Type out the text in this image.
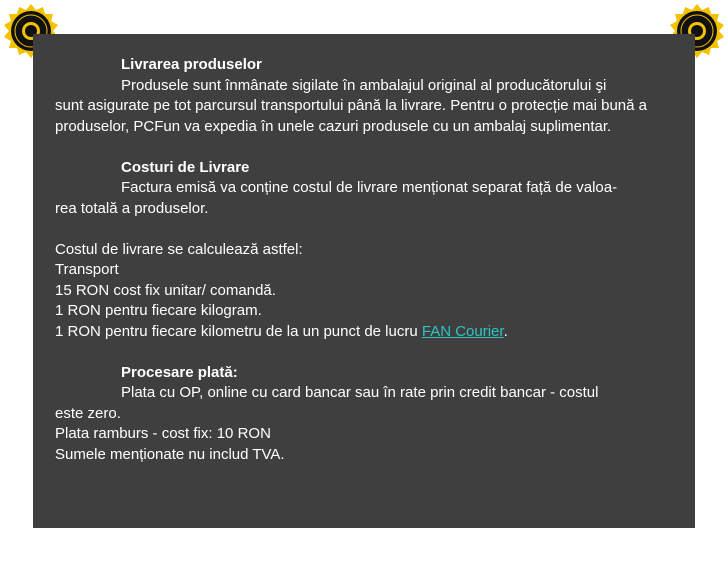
Livrarea produselor

Produsele sunt înmânate sigilate în ambalajul original al producătorului şi

sunt asigurate pe tot parcursul transportului până la livrare. Pentru o protecție mai bună a produselor, PCFun va expedia în unele cazuri produsele cu un ambalaj suplimentar.

Costuri de Livrare

Factura emisă va conține costul de livrare menționat separat față de valoa-

rea totală a produselor.

Costul de livrare se calculează astfel:

Transport

15 RON cost fix unitar/ comandă.

1 RON pentru fiecare kilogram.

1 RON pentru fiecare kilometru de la un punct de lucru FAN Courier.

Procesare plată:

Plata cu OP, online cu card bancar sau în rate prin credit bancar - costul

este zero.

Plata ramburs - cost fix: 10 RON

Sumele menționate nu includ TVA.
